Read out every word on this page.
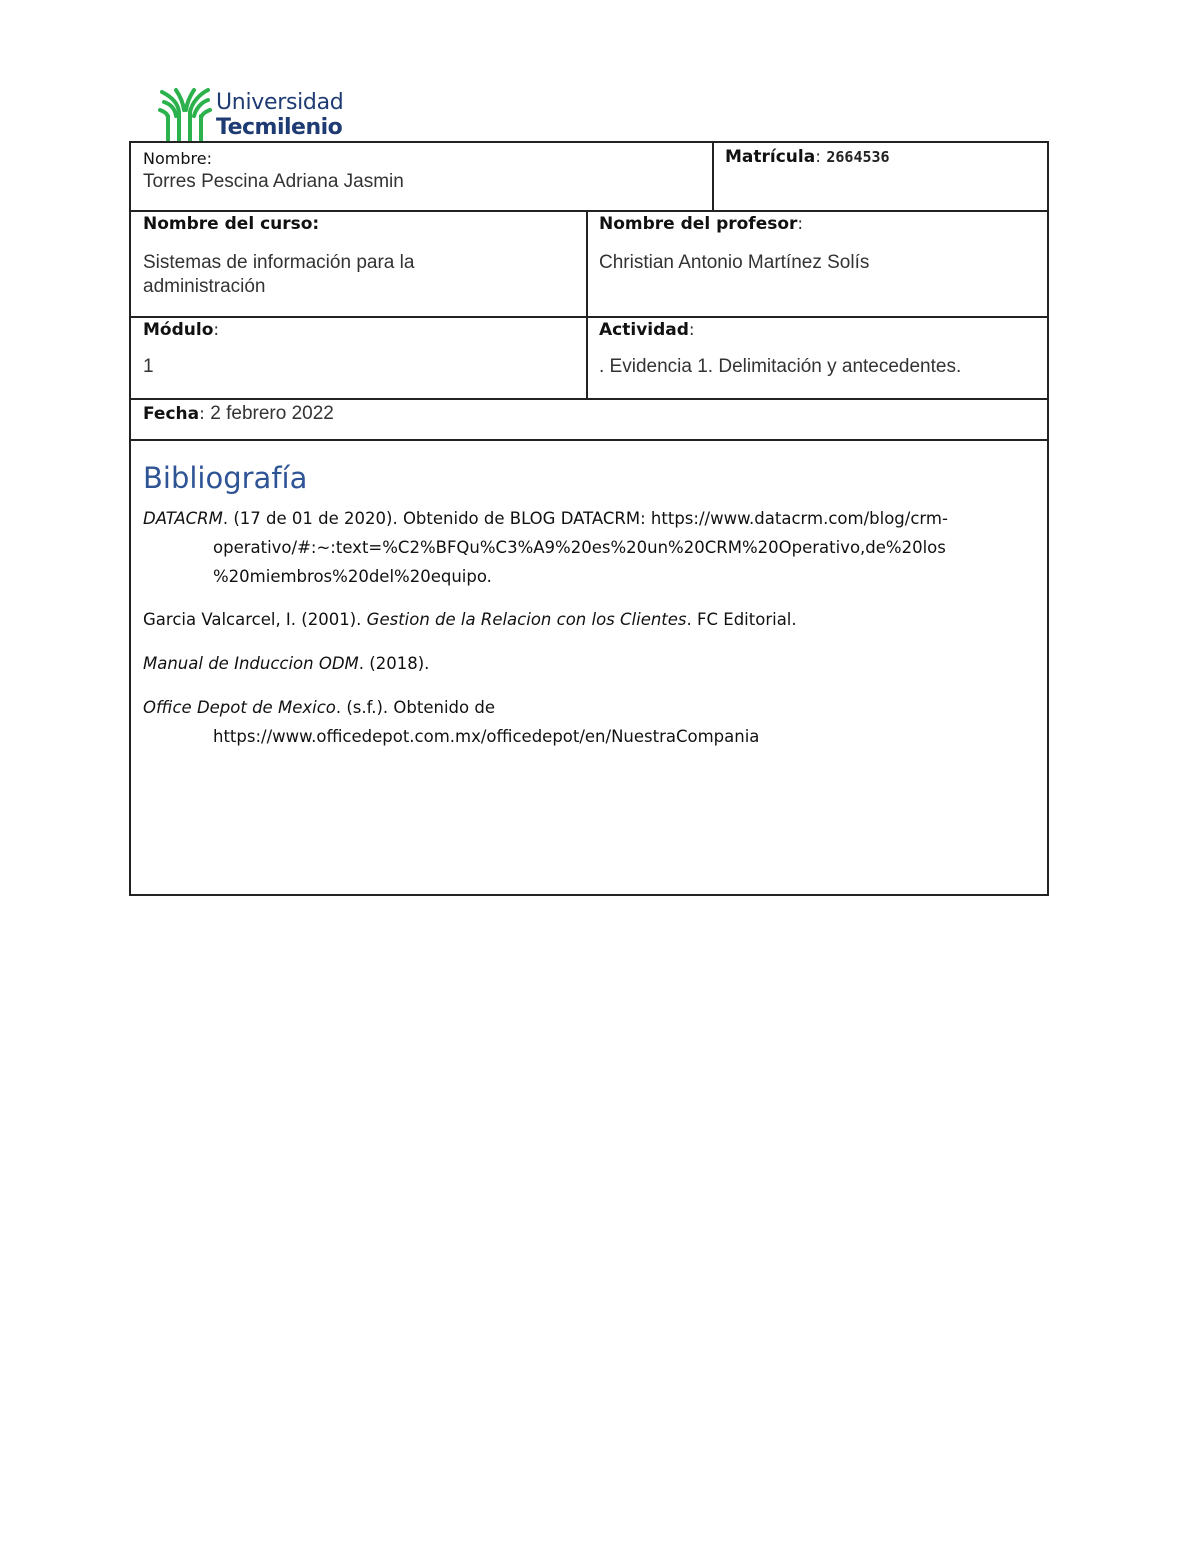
Universidad
Tecmilenio
Nombre:
Torres Pescina Adriana Jasmin
Matrícula: 2664536
Nombre del curso:
Sistemas de información para la administración
Nombre del profesor:
Christian Antonio Martínez Solís
Módulo:
1
Actividad:
. Evidencia 1. Delimitación y antecedentes.
Fecha: 2 febrero 2022
Bibliografía
DATACRM. (17 de 01 de 2020). Obtenido de BLOG DATACRM: https://www.datacrm.com/blog/crm-
operativo/#:~:text=%C2%BFQu%C3%A9%20es%20un%20CRM%20Operativo,de%20los
%20miembros%20del%20equipo.
Garcia Valcarcel, I. (2001). Gestion de la Relacion con los Clientes. FC Editorial.
Manual de Induccion ODM. (2018).
Office Depot de Mexico. (s.f.). Obtenido de
https://www.officedepot.com.mx/officedepot/en/NuestraCompania
